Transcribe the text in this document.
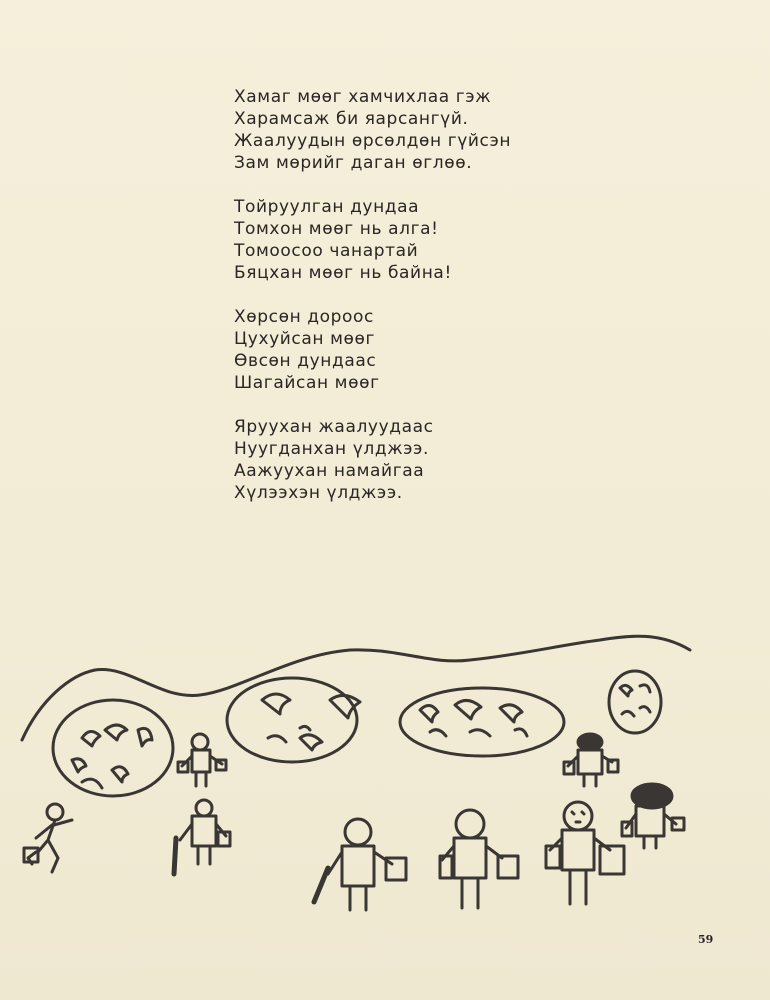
Хамаг мөөг хамчихлаа гэж
Харамсаж би яарсангүй.
Жаалуудын өрсөлдөн гүйсэн
Зам мөрийг даган өглөө.
Тойруулган дундаа
Томхон мөөг нь алга!
Томоосоо чанартай
Бяцхан мөөг нь байна!
Хөрсөн дороос
Цухуйсан мөөг
Өвсөн дундаас
Шагайсан мөөг
Яруухан жаалуудаас
Нуугданхан үлджээ.
Аажуухан намайгаа
Хүлээхэн үлджээ.
59
